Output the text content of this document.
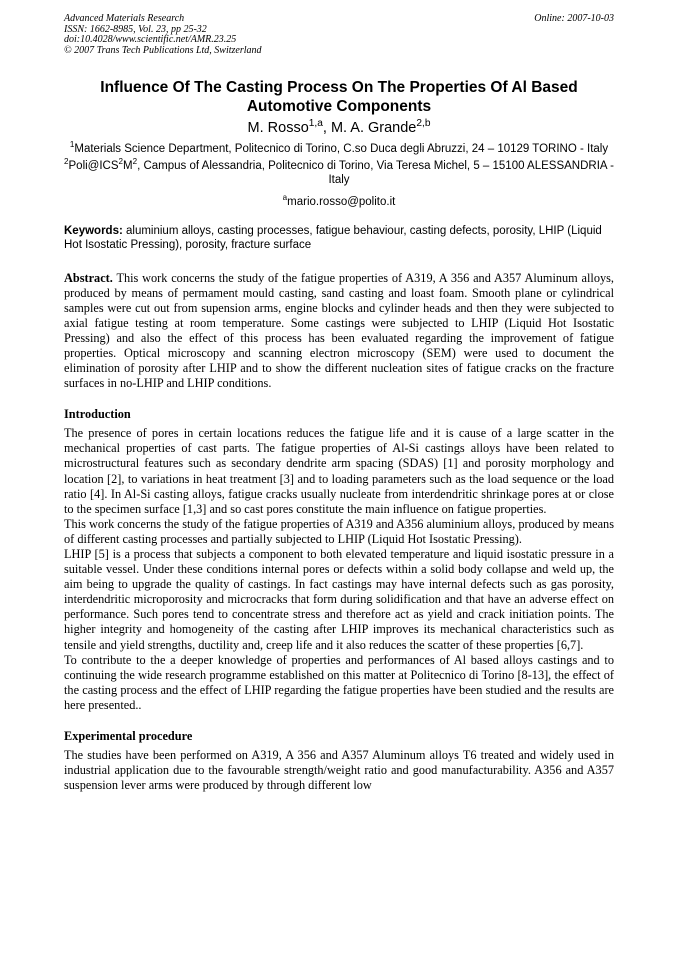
Advanced Materials Research
ISSN: 1662-8985, Vol. 23, pp 25-32
doi:10.4028/www.scientific.net/AMR.23.25
© 2007 Trans Tech Publications Ltd, Switzerland
Online: 2007-10-03
Influence Of The Casting Process On The Properties Of Al Based Automotive Components
M. Rosso$^{1,a}$, M. A. Grande$^{2,b}$
$^1$Materials Science Department, Politecnico di Torino, C.so Duca degli Abruzzi, 24 – 10129 TORINO - Italy
$^2Poli@ICS^2M^2$, Campus of Alessandria, Politecnico di Torino, Via Teresa Michel, 5 – 15100 ALESSANDRIA - Italy
$^a$mario.rosso@polito.it
Keywords: aluminium alloys, casting processes, fatigue behaviour, casting defects, porosity, LHIP (Liquid Hot Isostatic Pressing), porosity, fracture surface
Abstract. This work concerns the study of the fatigue properties of A319, A 356 and A357 Aluminum alloys, produced by means of permament mould casting, sand casting and loast foam. Smooth plane or cylindrical samples were cut out from supension arms, engine blocks and cylinder heads and then they were subjected to axial fatigue testing at room temperature. Some castings were subjected to LHIP (Liquid Hot Isostatic Pressing) and also the effect of this process has been evaluated regarding the improvement of fatigue properties. Optical microscopy and scanning electron microscopy (SEM) were used to document the elimination of porosity after LHIP and to show the different nucleation sites of fatigue cracks on the fracture surfaces in no-LHIP and LHIP conditions.
Introduction

The presence of pores in certain locations reduces the fatigue life and it is cause of a large scatter in the mechanical properties of cast parts. The fatigue properties of Al-Si castings alloys have been related to microstructural features such as secondary dendrite arm spacing (SDAS) [1] and porosity morphology and location [2], to variations in heat treatment [3] and to loading parameters such as the load sequence or the load ratio [4]. In Al-Si casting alloys, fatigue cracks usually nucleate from interdendritic shrinkage pores at or close to the specimen surface [1,3] and so cast pores constitute the main influence on fatigue properties.

This work concerns the study of the fatigue properties of A319 and A356 aluminium alloys, produced by means of different casting processes and partially subjected to LHIP (Liquid Hot Isostatic Pressing).

LHIP [5] is a process that subjects a component to both elevated temperature and liquid isostatic pressure in a suitable vessel. Under these conditions internal pores or defects within a solid body collapse and weld up, the aim being to upgrade the quality of castings. In fact castings may have internal defects such as gas porosity, interdendritic microporosity and microcracks that form during solidification and that have an adverse effect on performance. Such pores tend to concentrate stress and therefore act as yield and crack initiation points. The higher integrity and homogeneity of the casting after LHIP improves its mechanical characteristics such as tensile and yield strengths, ductility and, creep life and it also reduces the scatter of these properties [6,7].

To contribute to the a deeper knowledge of properties and performances of Al based alloys castings and to continuing the wide research programme established on this matter at Politecnico di Torino [8-13], the effect of the casting process and the effect of LHIP regarding the fatigue properties have been studied and the results are here presented..

Experimental procedure

The studies have been performed on A319, A 356 and A357 Aluminum alloys T6 treated and widely used in industrial application due to the favourable strength/weight ratio and good manufacturability. A356 and A357 suspension lever arms were produced by through different low
